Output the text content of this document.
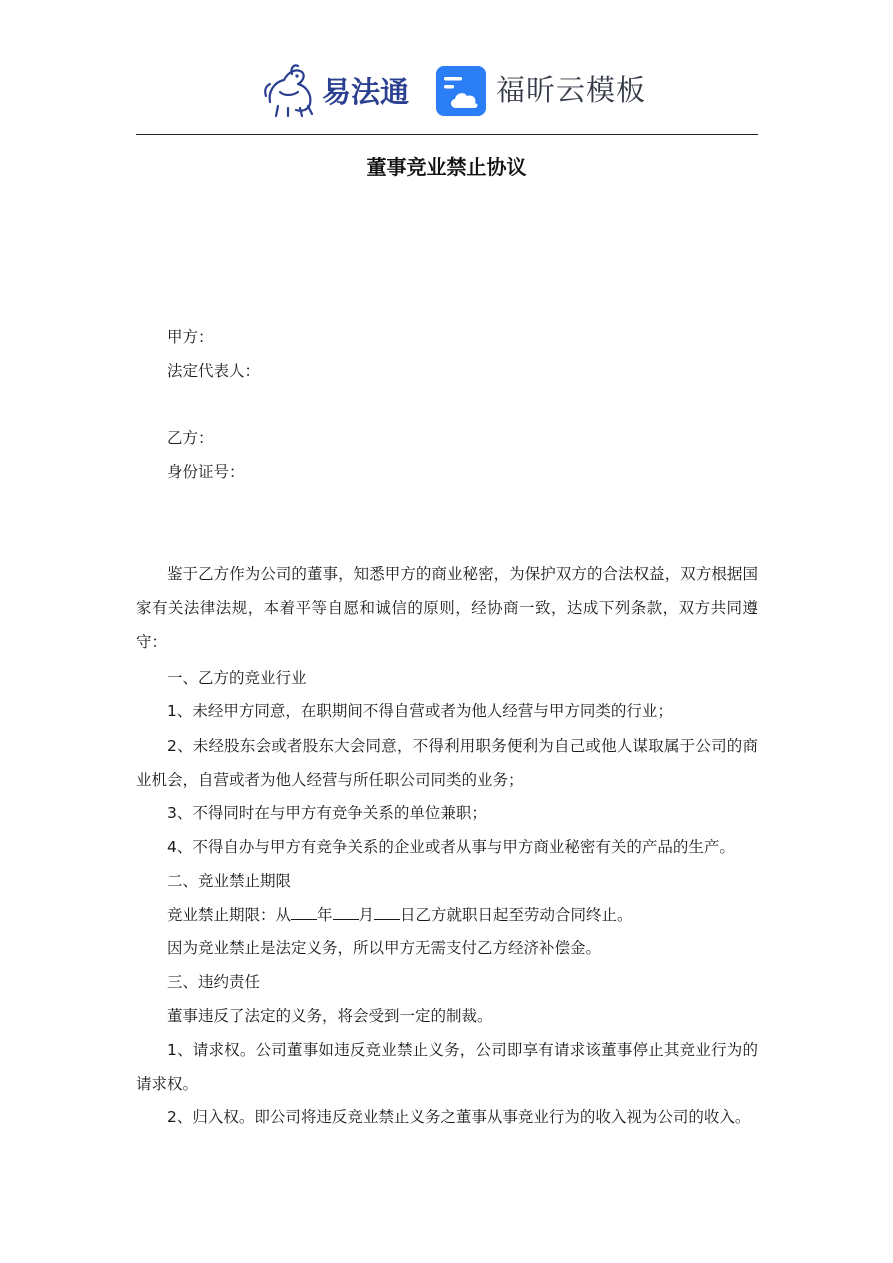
易法通	福昕云模板
董事竞业禁止协议
甲方：
法定代表人：
乙方：
身份证号：
鉴于乙方作为公司的董事，知悉甲方的商业秘密，为保护双方的合法权益，双方根据国家有关法律法规，本着平等自愿和诚信的原则，经协商一致，达成下列条款，双方共同遵守：
一、乙方的竞业行业
1、未经甲方同意，在职期间不得自营或者为他人经营与甲方同类的行业；
2、未经股东会或者股东大会同意，不得利用职务便利为自己或他人谋取属于公司的商业机会，自营或者为他人经营与所任职公司同类的业务；
3、不得同时在与甲方有竞争关系的单位兼职；
4、不得自办与甲方有竞争关系的企业或者从事与甲方商业秘密有关的产品的生产。
二、竞业禁止期限
竞业禁止期限：从 年 月 日乙方就职日起至劳动合同终止。
因为竞业禁止是法定义务，所以甲方无需支付乙方经济补偿金。
三、违约责任
董事违反了法定的义务，将会受到一定的制裁。
1、请求权。公司董事如违反竞业禁止义务，公司即享有请求该董事停止其竞业行为的请求权。
2、归入权。即公司将违反竞业禁止义务之董事从事竞业行为的收入视为公司的收入。
